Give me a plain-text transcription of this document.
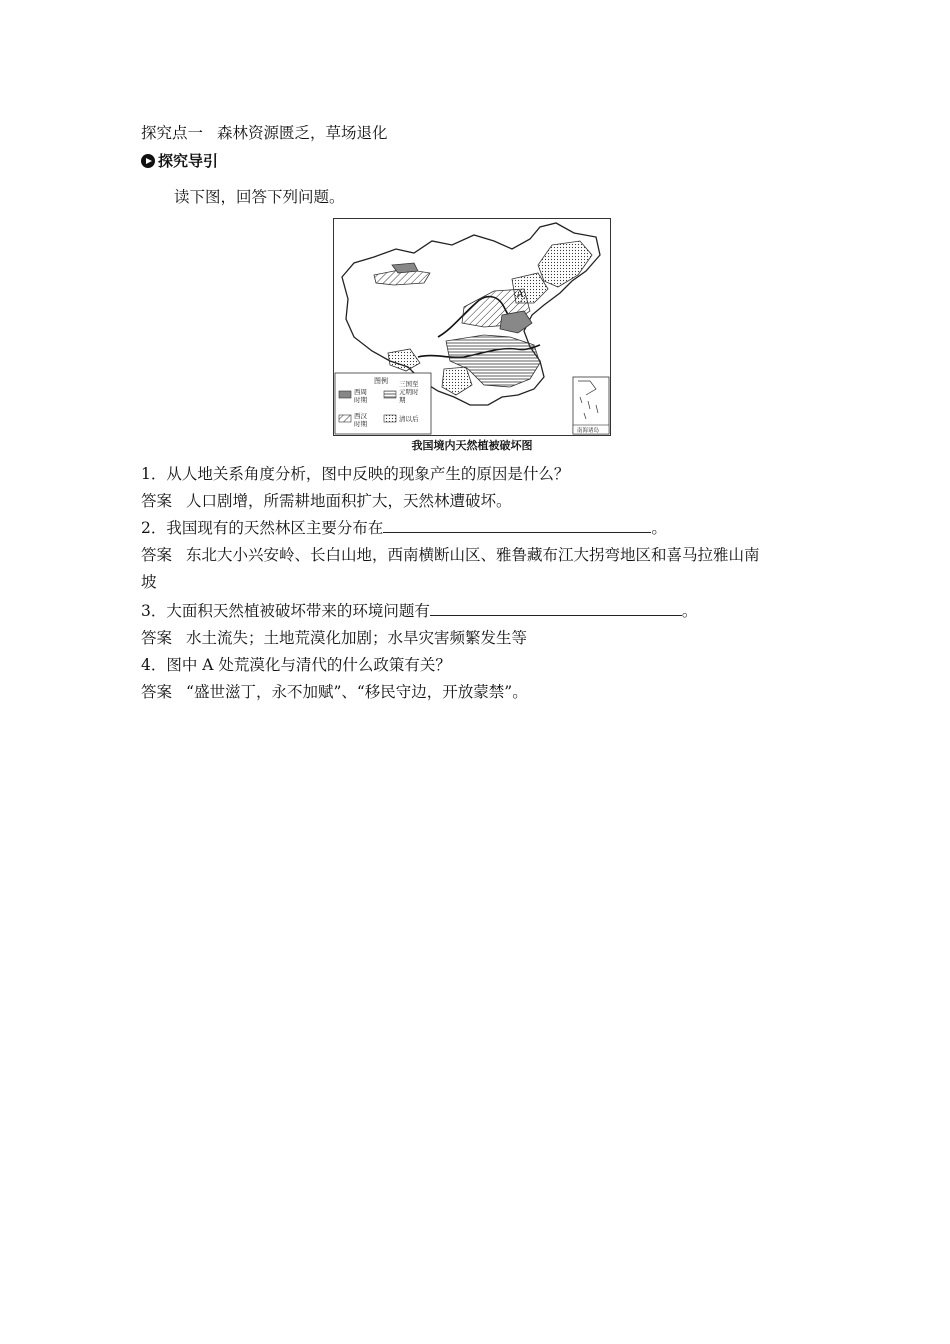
探究点一 森林资源匮乏，草场退化
探究导引
读下图，回答下列问题。
A
图例
西周
时期
三国至
元明时
期
西汉
时期
清以后
南海诸岛
我国境内天然植被破坏图
1．从人地关系角度分析，图中反映的现象产生的原因是什么？
答案 人口剧增，所需耕地面积扩大，天然林遭破坏。
2．我国现有的天然林区主要分布在	。
答案 东北大小兴安岭、长白山地，西南横断山区、雅鲁藏布江大拐弯地区和喜马拉雅山南
坡
3．大面积天然植被破坏带来的环境问题有	。
答案 水土流失；土地荒漠化加剧；水旱灾害频繁发生等
4．图中 A 处荒漠化与清代的什么政策有关？
答案 “盛世滋丁，永不加赋”、“移民守边，开放蒙禁”。
